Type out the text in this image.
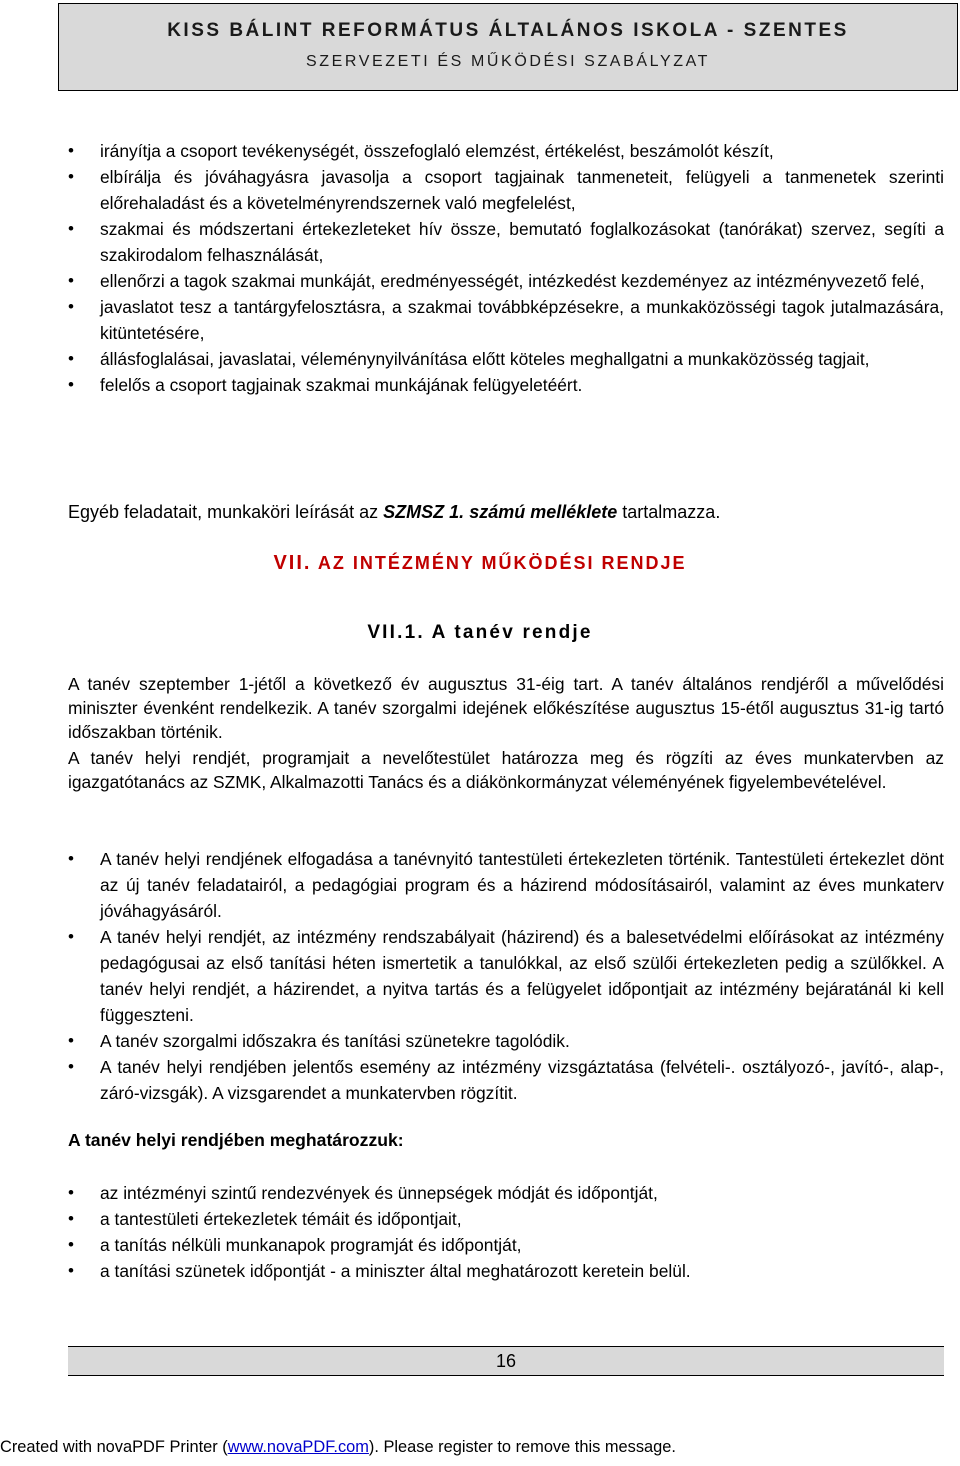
KISS BÁLINT REFORMÁTUS ÁLTALÁNOS ISKOLA - SZENTES
SZERVEZETI ÉS MŰKÖDÉSI SZABÁLYZAT
• irányítja a csoport tevékenységét, összefoglaló elemzést, értékelést, beszámolót készít,
• elbírálja és jóváhagyásra javasolja a csoport tagjainak tanmeneteit, felügyeli a tanmenetek szerinti előrehaladást és a követelményrendszernek való megfelelést,
• szakmai és módszertani értekezleteket hív össze, bemutató foglalkozásokat (tanórákat) szervez, segíti a szakirodalom felhasználását,
• ellenőrzi a tagok szakmai munkáját, eredményességét, intézkedést kezdeményez az intézményvezető felé,
• javaslatot tesz a tantárgyfelosztásra, a szakmai továbbképzésekre, a munkaközösségi tagok jutalmazására, kitüntetésére,
• állásfoglalásai, javaslatai, véleménynyilvánítása előtt köteles meghallgatni a munkaközösség tagjait,
• felelős a csoport tagjainak szakmai munkájának felügyeletéért.
Egyéb feladatait, munkaköri leírását az SZMSZ 1. számú melléklete tartalmazza.
VII. AZ INTÉZMÉNY MŰKÖDÉSI RENDJE
VII.1. A tanév rendje
A tanév szeptember 1-jétől a következő év augusztus 31-éig tart. A tanév általános rendjéről a művelődési miniszter évenként rendelkezik. A tanév szorgalmi idejének előkészítése augusztus 15-étől augusztus 31-ig tartó időszakban történik.
A tanév helyi rendjét, programjait a nevelőtestület határozza meg és rögzíti az éves munkatervben az igazgatótanács az SZMK, Alkalmazotti Tanács és a diákönkormányzat véleményének figyelembevételével.
• A tanév helyi rendjének elfogadása a tanévnyitó tantestületi értekezleten történik. Tantestületi értekezlet dönt az új tanév feladatairól, a pedagógiai program és a házirend módosításairól, valamint az éves munkaterv jóváhagyásáról.
• A tanév helyi rendjét, az intézmény rendszabályait (házirend) és a balesetvédelmi előírásokat az intézmény pedagógusai az első tanítási héten ismertetik a tanulókkal, az első szülői értekezleten pedig a szülőkkel. A tanév helyi rendjét, a házirendet, a nyitva tartás és a felügyelet időpontjait az intézmény bejáratánál ki kell függeszteni.
• A tanév szorgalmi időszakra és tanítási szünetekre tagolódik.
• A tanév helyi rendjében jelentős esemény az intézmény vizsgáztatása (felvételi-. osztályozó-, javító-, alap-, záró-vizsgák). A vizsgarendet a munkatervben rögzítit.
A tanév helyi rendjében meghatározzuk:
• az intézményi szintű rendezvények és ünnepségek módját és időpontját,
• a tantestületi értekezletek témáit és időpontjait,
• a tanítás nélküli munkanapok programját és időpontját,
• a tanítási szünetek időpontját - a miniszter által meghatározott keretein belül.
16
Created with novaPDF Printer (www.novaPDF.com). Please register to remove this message.
